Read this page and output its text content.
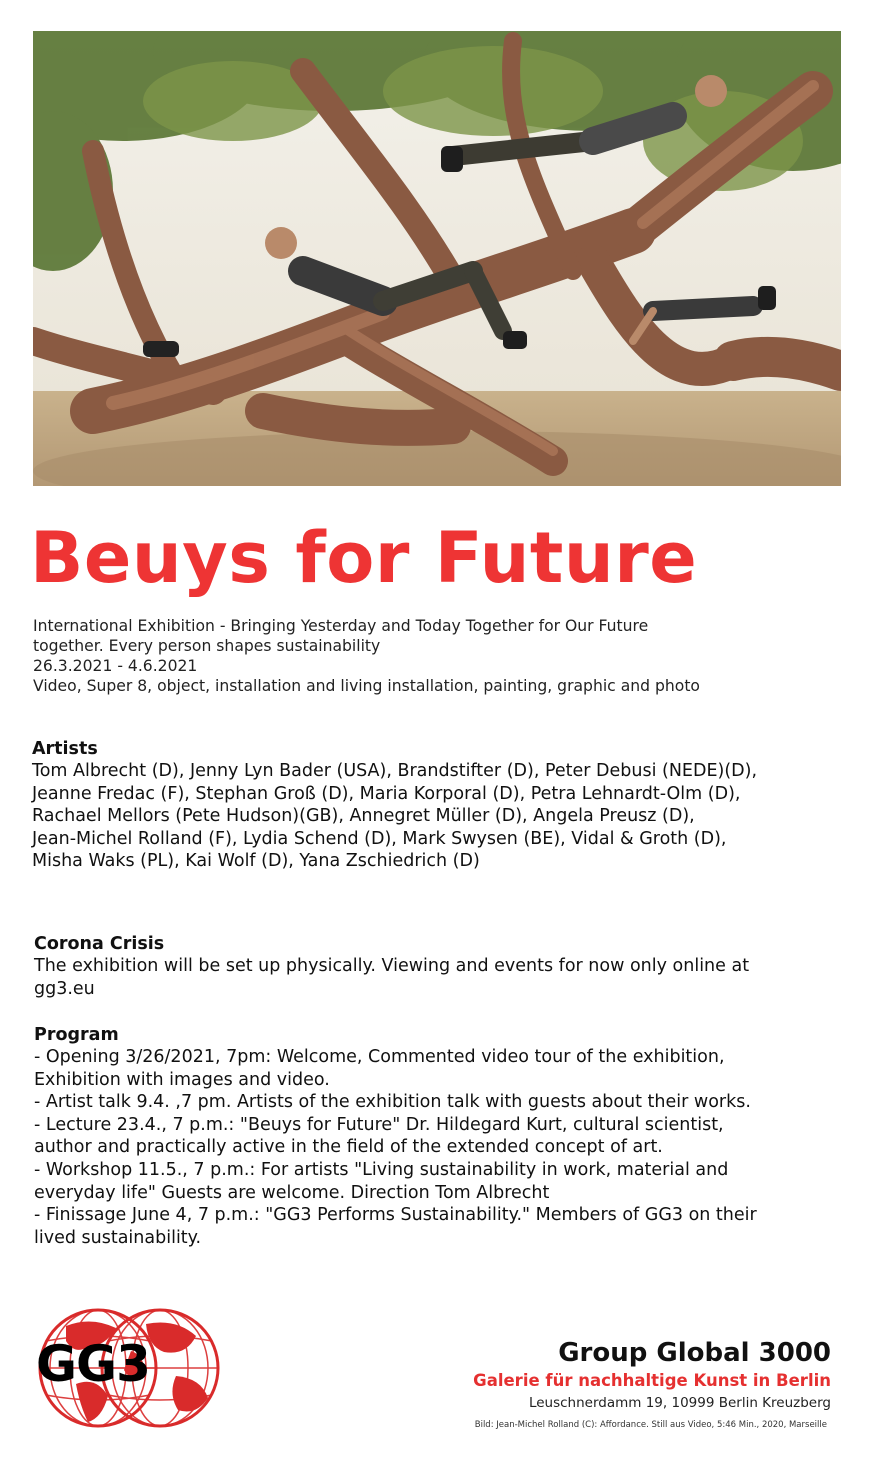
Beuys for Future
International Exhibition - Bringing Yesterday and Today Together for Our Future
together. Every person shapes sustainability
26.3.2021 - 4.6.2021
Video, Super 8, object, installation and living installation, painting, graphic and photo
Artists
Tom Albrecht (D), Jenny Lyn Bader (USA), Brandstifter (D), Peter Debusi (NEDE)(D),
Jeanne Fredac (F), Stephan Groß (D), Maria Korporal (D), Petra Lehnardt-Olm (D),
Rachael Mellors (Pete Hudson)(GB), Annegret Müller (D), Angela Preusz (D),
Jean-Michel Rolland (F), Lydia Schend (D), Mark Swysen (BE), Vidal & Groth (D),
Misha Waks (PL), Kai Wolf (D), Yana Zschiedrich (D)
Corona Crisis
The exhibition will be set up physically. Viewing and events for now only online at
gg3.eu
Program
- Opening 3/26/2021, 7pm: Welcome, Commented video tour of the exhibition,
Exhibition with images and video.
- Artist talk 9.4. ,7 pm. Artists of the exhibition talk with guests about their works.
- Lecture 23.4., 7 p.m.: "Beuys for Future" Dr. Hildegard Kurt, cultural scientist,
author and practically active in the field of the extended concept of art.
- Workshop 11.5., 7 p.m.: For artists "Living sustainability in work, material and
everyday life" Guests are welcome. Direction Tom Albrecht
- Finissage June 4, 7 p.m.: "GG3 Performs Sustainability." Members of GG3 on their
lived sustainability.
GG3	Group Global 3000
Galerie für nachhaltige Kunst in Berlin
Leuschnerdamm 19, 10999 Berlin Kreuzberg
Bild: Jean-Michel Rolland (C): Affordance. Still aus Video, 5:46 Min., 2020, Marseille
